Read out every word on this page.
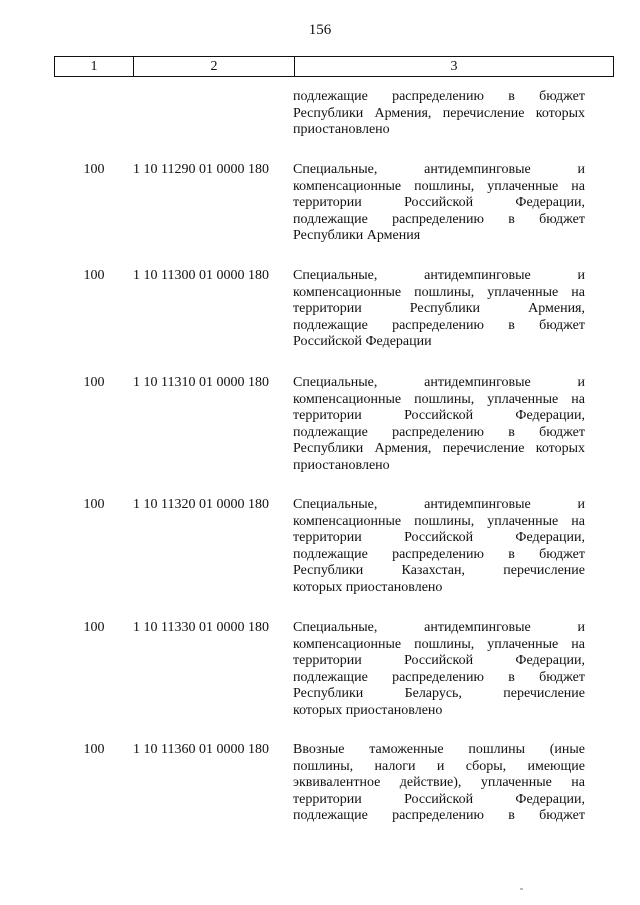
156
1	2	3
подлежащие распределению в бюджет
Республики Армения, перечисление которых
приостановлено
100	1 10 11290 01 0000 180	Специальные, антидемпинговые и
компенсационные пошлины, уплаченные на
территории Российской Федерации,
подлежащие распределению в бюджет
Республики Армения
100	1 10 11300 01 0000 180	Специальные, антидемпинговые и
компенсационные пошлины, уплаченные на
территории Республики Армения,
подлежащие распределению в бюджет
Российской Федерации
100	1 10 11310 01 0000 180	Специальные, антидемпинговые и
компенсационные пошлины, уплаченные на
территории Российской Федерации,
подлежащие распределению в бюджет
Республики Армения, перечисление которых
приостановлено
100	1 10 11320 01 0000 180	Специальные, антидемпинговые и
компенсационные пошлины, уплаченные на
территории Российской Федерации,
подлежащие распределению в бюджет
Республики Казахстан, перечисление
которых приостановлено
100	1 10 11330 01 0000 180	Специальные, антидемпинговые и
компенсационные пошлины, уплаченные на
территории Российской Федерации,
подлежащие распределению в бюджет
Республики Беларусь, перечисление
которых приостановлено
100	1 10 11360 01 0000 180	Ввозные таможенные пошлины (иные
пошлины, налоги и сборы, имеющие
эквивалентное действие), уплаченные на
территории Российской Федерации,
подлежащие распределению в бюджет
